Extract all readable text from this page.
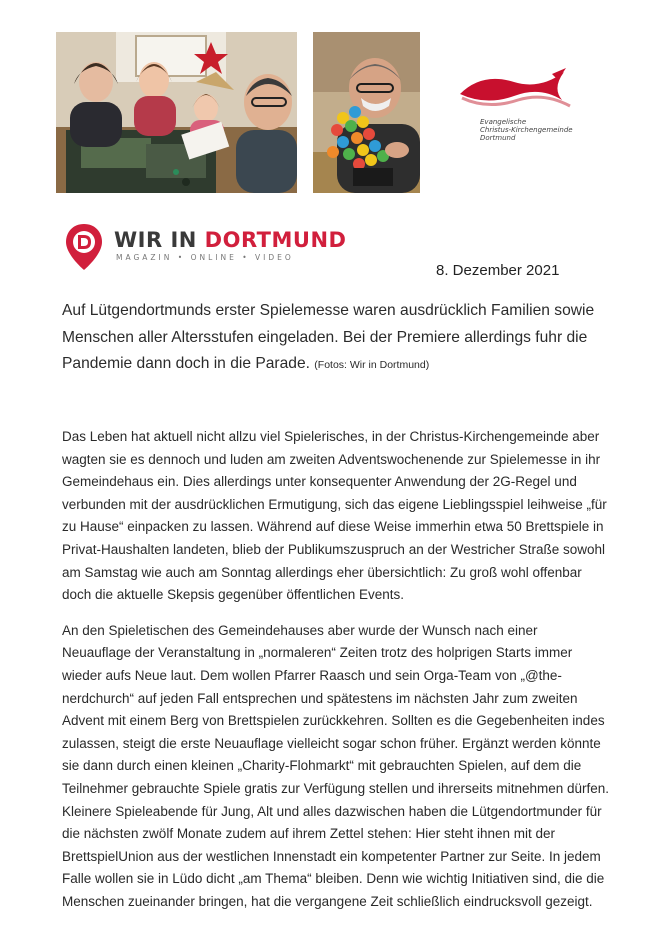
Evangelische
Christus-Kirchengemeinde
Dortmund
WIR IN DORTMUND
MAGAZIN • ONLINE • VIDEO
8. Dezember 2021
Auf Lütgendortmunds erster Spielemesse waren ausdrücklich Familien sowie Menschen aller Altersstufen eingeladen. Bei der Premiere allerdings fuhr die Pandemie dann doch in die Parade. (Fotos: Wir in Dortmund)

Das Leben hat aktuell nicht allzu viel Spielerisches, in der Christus-Kirchengemeinde aber wagten sie es dennoch und luden am zweiten Adventswochenende zur Spielemesse in ihr Gemeindehaus ein. Dies allerdings unter konsequenter Anwendung der 2G-Regel und verbunden mit der ausdrücklichen Ermutigung, sich das eigene Lieblingsspiel leihweise „für zu Hause“ einpacken zu lassen. Während auf diese Weise immerhin etwa 50 Brettspiele in Privat-Haushalten landeten, blieb der Publikumszuspruch an der Westricher Straße sowohl am Samstag wie auch am Sonntag allerdings eher übersichtlich: Zu groß wohl offenbar doch die aktuelle Skepsis gegenüber öffentlichen Events.

An den Spieletischen des Gemeindehauses aber wurde der Wunsch nach einer Neuauflage der Veranstaltung in „normaleren“ Zeiten trotz des holprigen Starts immer wieder aufs Neue laut. Dem wollen Pfarrer Raasch und sein Orga-Team von „@the-nerdchurch“ auf jeden Fall entsprechen und spätestens im nächsten Jahr zum zweiten Advent mit einem Berg von Brettspielen zurückkehren. Sollten es die Gegebenheiten indes zulassen, steigt die erste Neuauflage vielleicht sogar schon früher. Ergänzt werden könnte sie dann durch einen kleinen „Charity-Flohmarkt“ mit gebrauchten Spielen, auf dem die Teilnehmer gebrauchte Spiele gratis zur Verfügung stellen und ihrerseits mitnehmen dürfen. Kleinere Spieleabende für Jung, Alt und alles dazwischen haben die Lütgendortmunder für die nächsten zwölf Monate zudem auf ihrem Zettel stehen: Hier steht ihnen mit der BrettspielUnion aus der westlichen Innenstadt ein kompetenter Partner zur Seite. In jedem Falle wollen sie in Lüdo dicht „am Thema“ bleiben. Denn wie wichtig Initiativen sind, die die Menschen zueinander bringen, hat die vergangene Zeit schließlich eindrucksvoll gezeigt.
